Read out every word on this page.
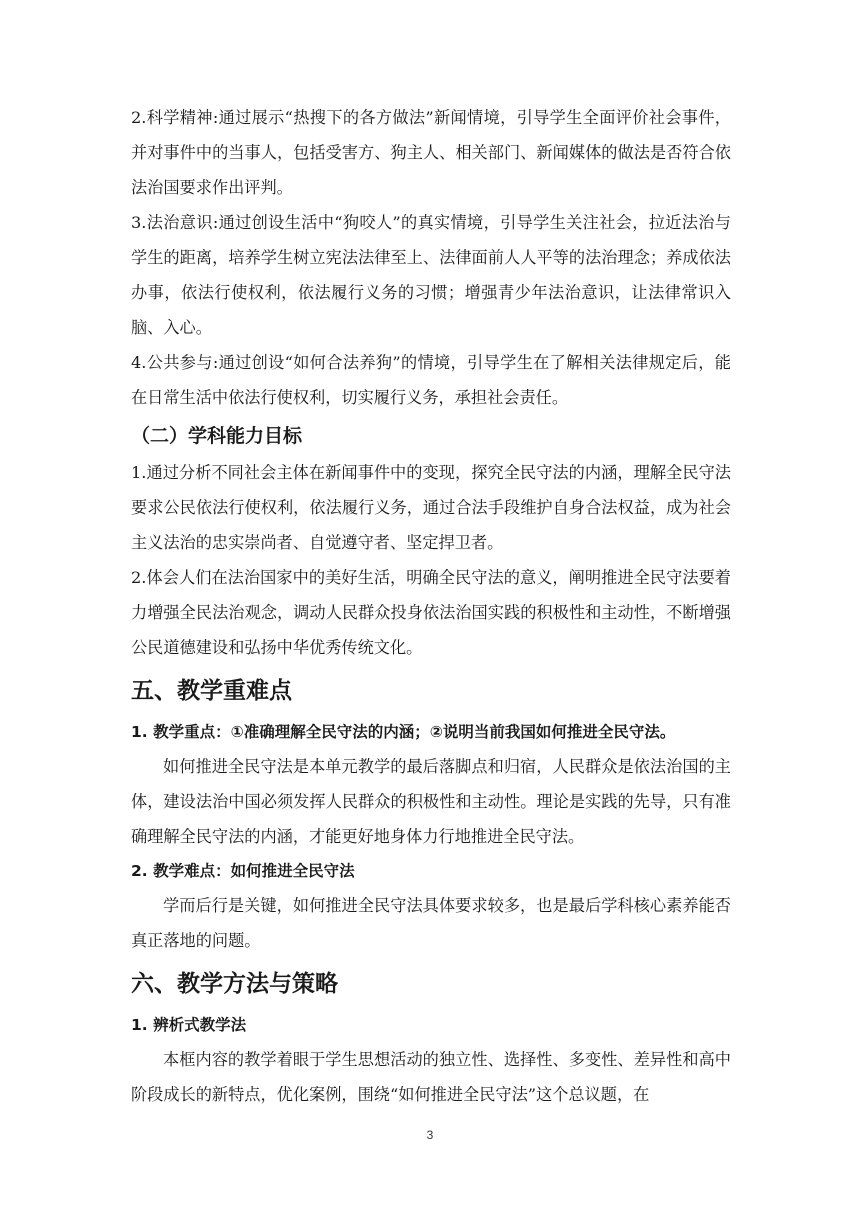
2.科学精神:通过展示“热搜下的各方做法”新闻情境，引导学生全面评价社会事件，并对事件中的当事人，包括受害方、狗主人、相关部门、新闻媒体的做法是否符合依法治国要求作出评判。

3.法治意识:通过创设生活中“狗咬人”的真实情境，引导学生关注社会，拉近法治与学生的距离，培养学生树立宪法法律至上、法律面前人人平等的法治理念；养成依法办事，依法行使权利，依法履行义务的习惯；增强青少年法治意识，让法律常识入脑、入心。

4.公共参与:通过创设“如何合法养狗”的情境，引导学生在了解相关法律规定后，能在日常生活中依法行使权利，切实履行义务，承担社会责任。

（二）学科能力目标

1.通过分析不同社会主体在新闻事件中的变现，探究全民守法的内涵，理解全民守法要求公民依法行使权利，依法履行义务，通过合法手段维护自身合法权益，成为社会主义法治的忠实崇尚者、自觉遵守者、坚定捍卫者。

2.体会人们在法治国家中的美好生活，明确全民守法的意义，阐明推进全民守法要着力增强全民法治观念，调动人民群众投身依法治国实践的积极性和主动性，不断增强公民道德建设和弘扬中华优秀传统文化。

五、教学重难点
1. 教学重点：①准确理解全民守法的内涵；②说明当前我国如何推进全民守法。

如何推进全民守法是本单元教学的最后落脚点和归宿，人民群众是依法治国的主体，建设法治中国必须发挥人民群众的积极性和主动性。理论是实践的先导，只有准确理解全民守法的内涵，才能更好地身体力行地推进全民守法。

2. 教学难点：如何推进全民守法

学而后行是关键，如何推进全民守法具体要求较多，也是最后学科核心素养能否真正落地的问题。

六、教学方法与策略
1. 辨析式教学法

本框内容的教学着眼于学生思想活动的独立性、选择性、多变性、差异性和高中阶段成长的新特点，优化案例，围绕“如何推进全民守法”这个总议题，在

3
